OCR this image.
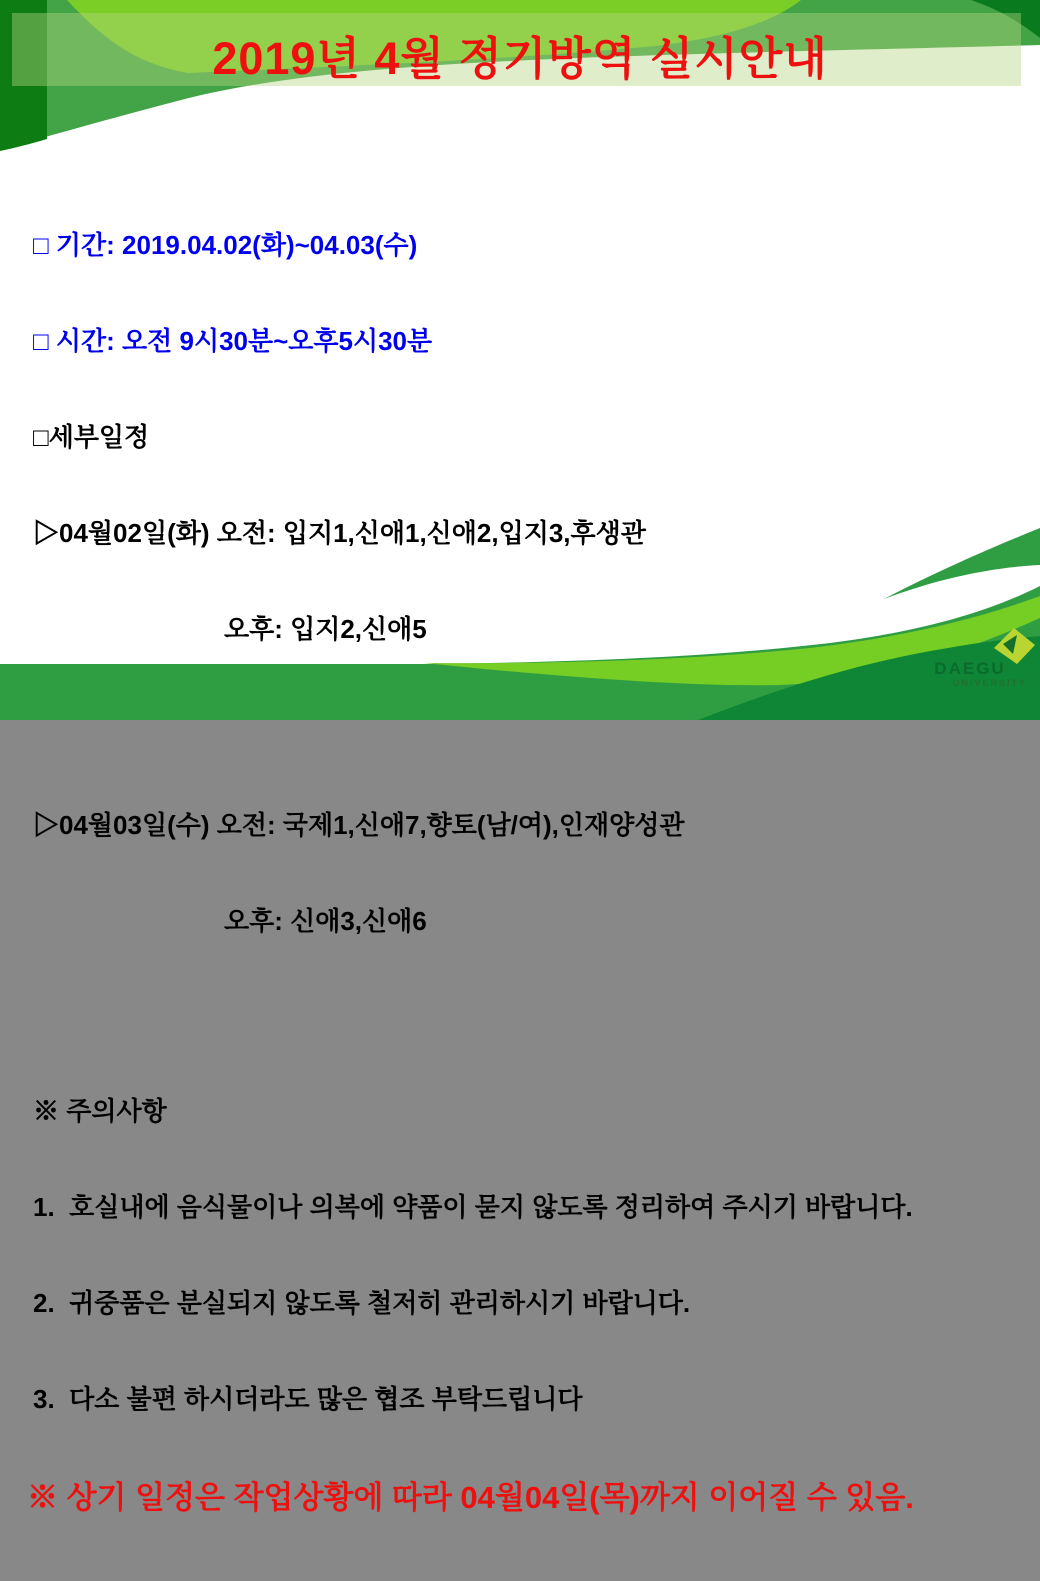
DAEGU
UNIVERSITY
2019년 4월 정기방역 실시안내

□ 기간: 2019.04.02(화)~04.03(수)

□ 시간: 오전 9시30분~오후5시30분

□세부일정

▷04월02일(화) 오전: 입지1,신애1,신애2,입지3,후생관

오후: 입지2,신애5

▷04월03일(수) 오전: 국제1,신애7,향토(남/여),인재양성관

오후: 신애3,신애6

※ 주의사항

1.  호실내에 음식물이나 의복에 약품이 묻지 않도록 정리하여 주시기 바랍니다.

2.  귀중품은 분실되지 않도록 철저히 관리하시기 바랍니다.

3.  다소 불편 하시더라도 많은 협조 부탁드립니다

※ 상기 일정은 작업상황에 따라 04월04일(목)까지 이어질 수 있음.
